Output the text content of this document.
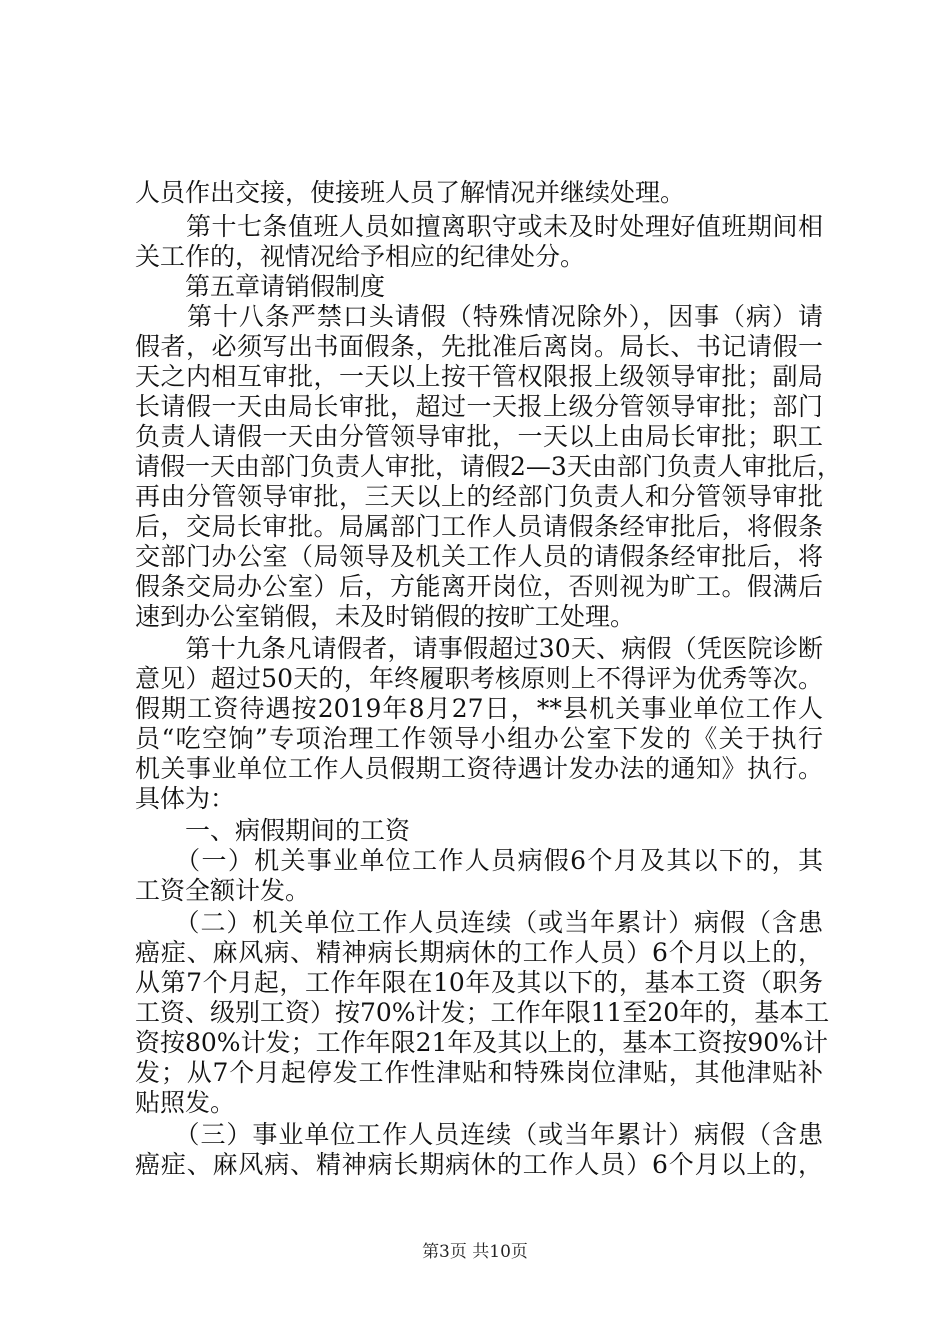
人员作出交接，使接班人员了解情况并继续处理。
　　第十七条值班人员如擅离职守或未及时处理好值班期间相
关工作的，视情况给予相应的纪律处分。
　　第五章请销假制度
　　第十八条严禁口头请假（特殊情况除外），因事（病）请
假者，必须写出书面假条，先批准后离岗。局长、书记请假一
天之内相互审批，一天以上按干管权限报上级领导审批；副局
长请假一天由局长审批，超过一天报上级分管领导审批；部门
负责人请假一天由分管领导审批，一天以上由局长审批；职工
请假一天由部门负责人审批，请假2—3天由部门负责人审批后，
再由分管领导审批，三天以上的经部门负责人和分管领导审批
后，交局长审批。局属部门工作人员请假条经审批后，将假条
交部门办公室（局领导及机关工作人员的请假条经审批后，将
假条交局办公室）后，方能离开岗位，否则视为旷工。假满后
速到办公室销假，未及时销假的按旷工处理。
　　第十九条凡请假者，请事假超过30天、病假（凭医院诊断
意见）超过50天的，年终履职考核原则上不得评为优秀等次。
假期工资待遇按2019年8月27日，**县机关事业单位工作人
员“吃空饷”专项治理工作领导小组办公室下发的《关于执行
机关事业单位工作人员假期工资待遇计发办法的通知》执行。
具体为：
　　一、病假期间的工资
　　（一）机关事业单位工作人员病假6个月及其以下的，其
工资全额计发。
　　（二）机关单位工作人员连续（或当年累计）病假（含患
癌症、麻风病、精神病长期病休的工作人员）6个月以上的，
从第7个月起，工作年限在10年及其以下的，基本工资（职务
工资、级别工资）按70%计发；工作年限11至20年的，基本工
资按80%计发；工作年限21年及其以上的，基本工资按90%计
发；从7个月起停发工作性津贴和特殊岗位津贴，其他津贴补
贴照发。
　　（三）事业单位工作人员连续（或当年累计）病假（含患
癌症、麻风病、精神病长期病休的工作人员）6个月以上的，
第3页 共10页
